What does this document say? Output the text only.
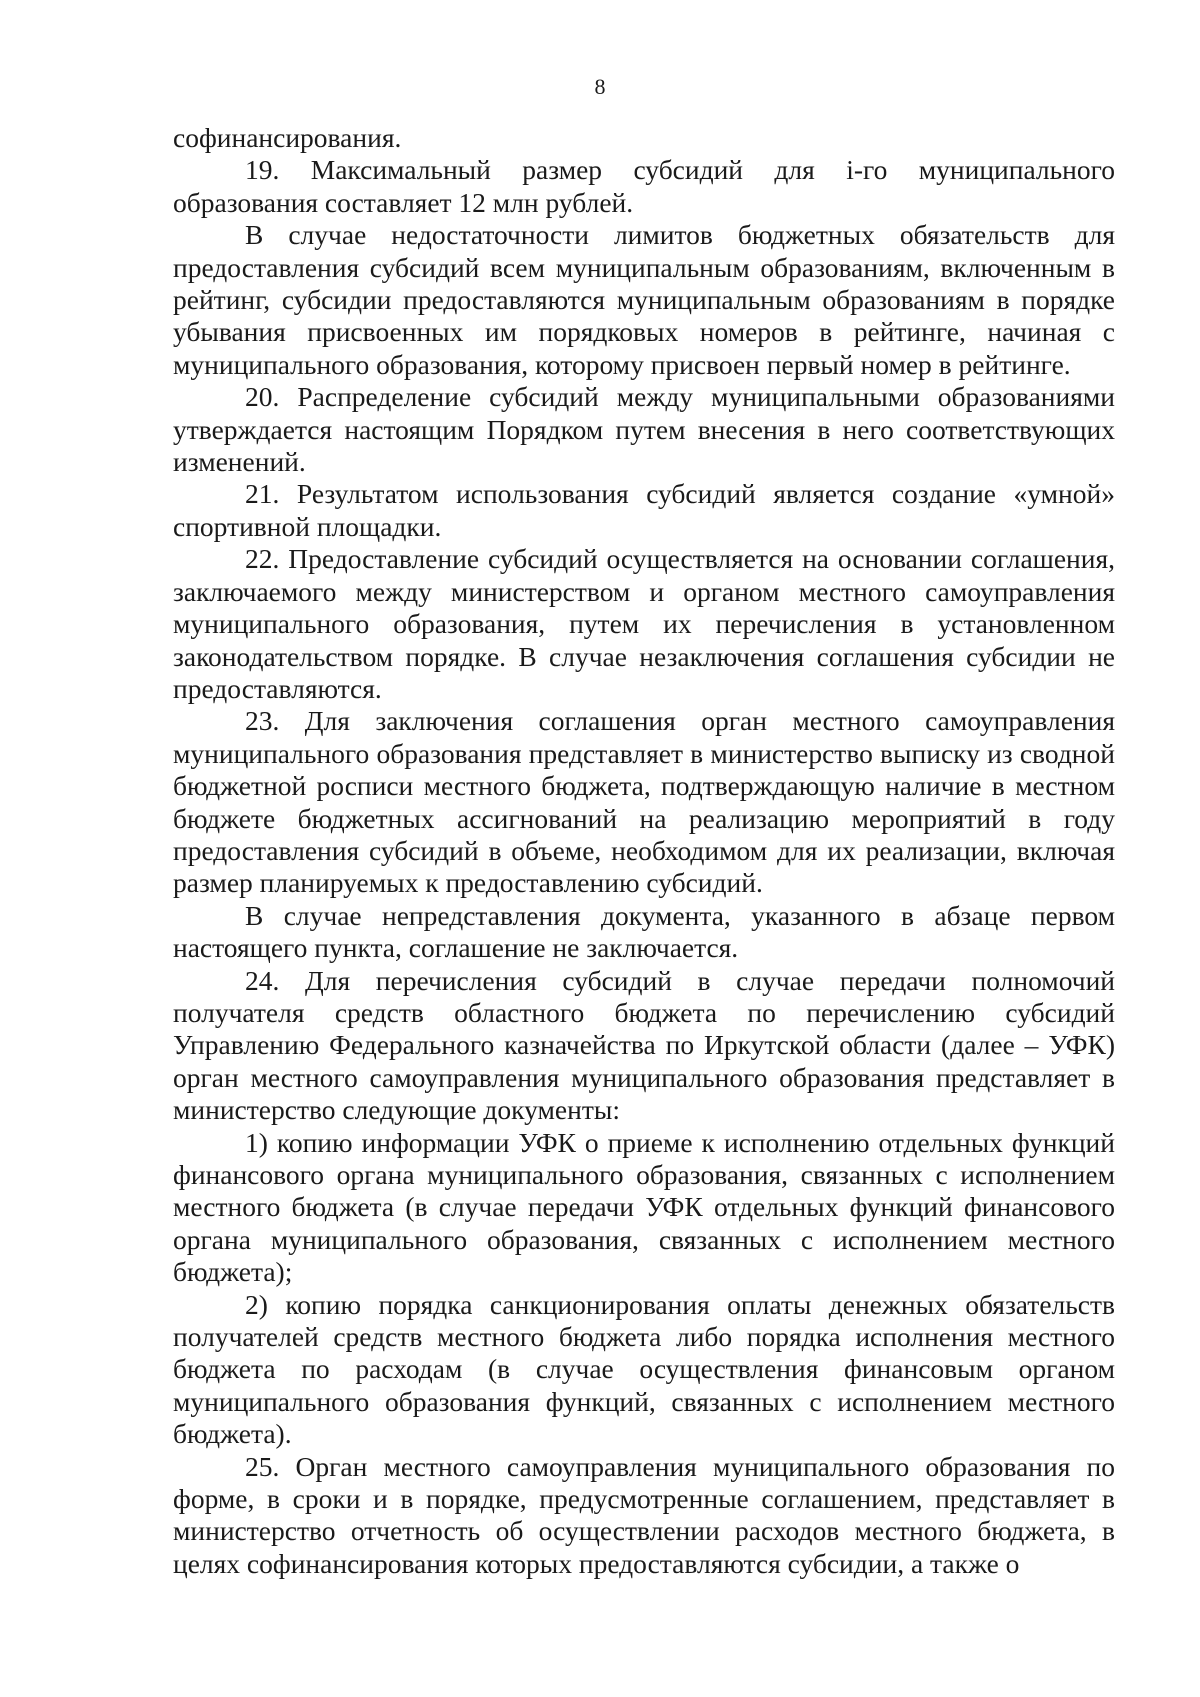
8

софинансирования.

19. Максимальный размер субсидий для i-го муниципального образования составляет 12 млн рублей.

В случае недостаточности лимитов бюджетных обязательств для предоставления субсидий всем муниципальным образованиям, включенным в рейтинг, субсидии предоставляются муниципальным образованиям в порядке убывания присвоенных им порядковых номеров в рейтинге, начиная с муниципального образования, которому присвоен первый номер в рейтинге.

20. Распределение субсидий между муниципальными образованиями утверждается настоящим Порядком путем внесения в него соответствующих изменений.

21. Результатом использования субсидий является создание «умной» спортивной площадки.

22. Предоставление субсидий осуществляется на основании соглашения, заключаемого между министерством и органом местного самоуправления муниципального образования, путем их перечисления в установленном законодательством порядке. В случае незаключения соглашения субсидии не предоставляются.

23. Для заключения соглашения орган местного самоуправления муниципального образования представляет в министерство выписку из сводной бюджетной росписи местного бюджета, подтверждающую наличие в местном бюджете бюджетных ассигнований на реализацию мероприятий в году предоставления субсидий в объеме, необходимом для их реализации, включая размер планируемых к предоставлению субсидий.

В случае непредставления документа, указанного в абзаце первом настоящего пункта, соглашение не заключается.

24. Для перечисления субсидий в случае передачи полномочий получателя средств областного бюджета по перечислению субсидий Управлению Федерального казначейства по Иркутской области (далее – УФК) орган местного самоуправления муниципального образования представляет в министерство следующие документы:

1) копию информации УФК о приеме к исполнению отдельных функций финансового органа муниципального образования, связанных с исполнением местного бюджета (в случае передачи УФК отдельных функций финансового органа муниципального образования, связанных с исполнением местного бюджета);

2) копию порядка санкционирования оплаты денежных обязательств получателей средств местного бюджета либо порядка исполнения местного бюджета по расходам (в случае осуществления финансовым органом муниципального образования функций, связанных с исполнением местного бюджета).

25. Орган местного самоуправления муниципального образования по форме, в сроки и в порядке, предусмотренные соглашением, представляет в министерство отчетность об осуществлении расходов местного бюджета, в целях софинансирования которых предоставляются субсидии, а также о
